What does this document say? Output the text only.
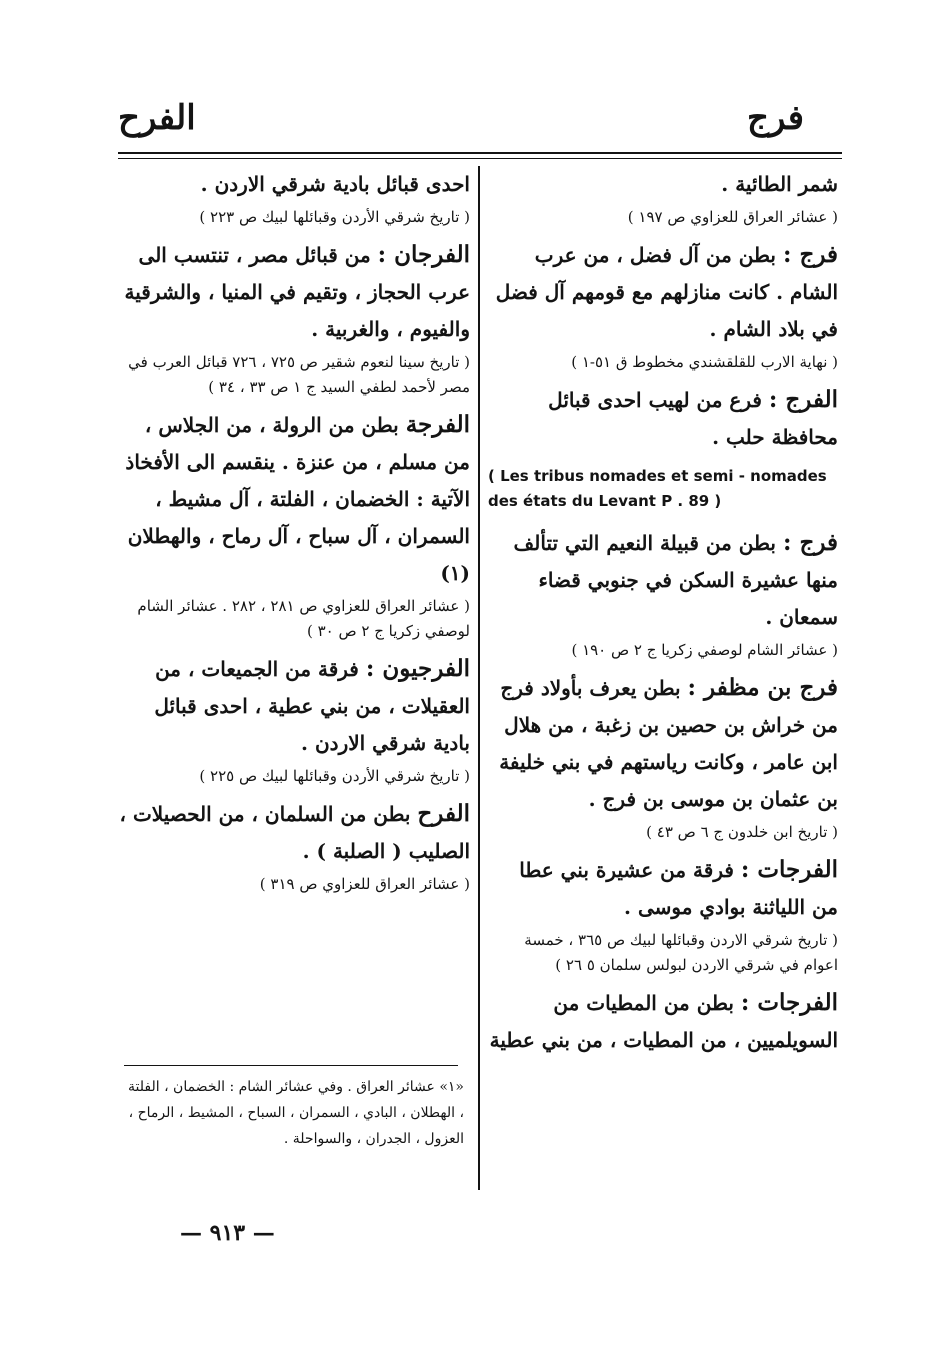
فرج
الفرح

شمر الطائية .

( عشائر العراق للعزاوي ص ١٩٧ )

فرج : بطن من آل فضل ، من عرب الشام . كانت منازلهم مع قومهم آل فضل في بلاد الشام .

( نهاية الارب للقلقشندي مخطوط ق ٥١-١ )

الفرج : فرع من لهيب احدى قبائل محافظة حلب .

( Les tribus nomades et semi - nomades des états du Levant P . 89 )

فرج : بطن من قبيلة النعيم التي تتألف منها عشيرة السكن في جنوبي قضاء سمعان .

( عشائر الشام لوصفي زكريا ج ٢ ص ١٩٠ )

فرج بن مظفر : بطن يعرف بأولاد فرج من خراش بن حصين بن زغبة ، من هلال ابن عامر ، وكانت رياستهم في بني خليفة بن عثمان بن موسى بن فرج .

( تاريخ ابن خلدون ج ٦ ص ٤٣ )

الفرجات : فرقة من عشيرة بني عطا من اللياثنة بوادي موسى .

( تاريخ شرقي الاردن وقبائلها لبيك ص ٣٦٥ ، خمسة اعوام في شرقي الاردن لبولس سلمان ٥ ٢٦ )

الفرجات : بطن من المطيات من السويلميين ، من المطيات ، من بني عطية

احدى قبائل بادية شرقي الاردن .

( تاريخ شرقي الأردن وقبائلها لبيك ص ٢٢٣ )

الفرجان : من قبائل مصر ، تنتسب الى عرب الحجاز ، وتقيم في المنيا ، والشرقية والفيوم ، والغربية .

( تاريخ سينا لنعوم شقير ص ٧٢٥ ، ٧٢٦ قبائل العرب في مصر لأحمد لطفي السيد ج ١ ص ٣٣ ، ٣٤ )

الفرجة بطن من الرولة ، من الجلاس ، من مسلم ، من عنزة . ينقسم الى الأفخاذ الآتية : الخضمان ، الفلتة ، آل مشيط ، السمران ، آل سباح ، آل رماح ، والهطلان (١)

( عشائر العراق للعزاوي ص ٢٨١ ، ٢٨٢ . عشائر الشام لوصفي زكريا ج ٢ ص ٣٠ )

الفرجيون : فرقة من الجميعات ، من العقيلات ، من بني عطية ، احدى قبائل بادية شرقي الاردن .

( تاريخ شرقي الأردن وقبائلها لبيك ص ٢٢٥ )

الفرح بطن من السلمان ، من الحصيلات ، الصليب ( الصلبة ) .

( عشائر العراق للعزاوي ص ٣١٩ )

«١» عشائر العراق . وفي عشائر الشام : الخضمان ، الفلتة ، الهطلان ، البادي ، السمران ، السباح ، المشيط ، الرماح ، العزول ، الجدران ، والسواحلة .
— ٩١٣ —
